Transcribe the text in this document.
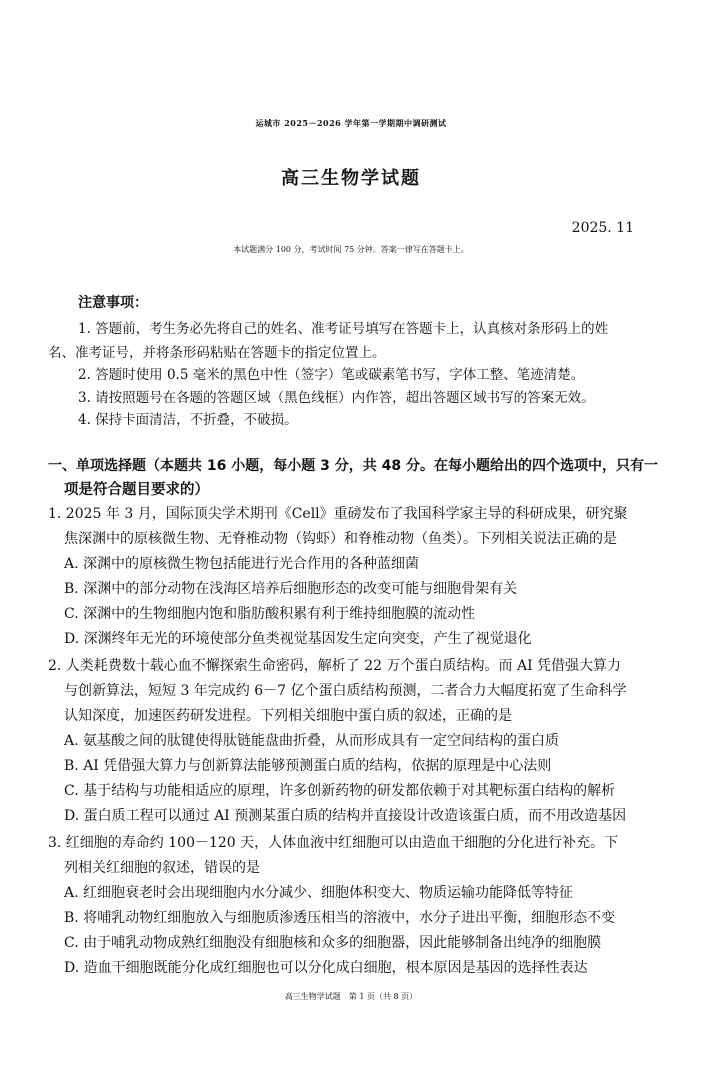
运城市 2025－2026 学年第一学期期中调研测试
高三生物学试题
2025. 11
本试题满分 100 分，考试时间 75 分钟。答案一律写在答题卡上。
注意事项：
1. 答题前，考生务必先将自己的姓名、准考证号填写在答题卡上，认真核对条形码上的姓
名、准考证号，并将条形码粘贴在答题卡的指定位置上。
2. 答题时使用 0.5 毫米的黑色中性（签字）笔或碳素笔书写，字体工整、笔迹清楚。
3. 请按照题号在各题的答题区域（黑色线框）内作答，超出答题区域书写的答案无效。
4. 保持卡面清洁，不折叠，不破损。
一、单项选择题（本题共 16 小题，每小题 3 分，共 48 分。在每小题给出的四个选项中，只有一
项是符合题目要求的）
1. 2025 年 3 月，国际顶尖学术期刊《Cell》重磅发布了我国科学家主导的科研成果，研究聚
焦深渊中的原核微生物、无脊椎动物（钩虾）和脊椎动物（鱼类）。下列相关说法正确的是
A. 深渊中的原核微生物包括能进行光合作用的各种蓝细菌
B. 深渊中的部分动物在浅海区培养后细胞形态的改变可能与细胞骨架有关
C. 深渊中的生物细胞内饱和脂肪酸积累有利于维持细胞膜的流动性
D. 深渊终年无光的环境使部分鱼类视觉基因发生定向突变，产生了视觉退化
2. 人类耗费数十载心血不懈探索生命密码，解析了 22 万个蛋白质结构。而 AI 凭借强大算力
与创新算法，短短 3 年完成约 6－7 亿个蛋白质结构预测，二者合力大幅度拓宽了生命科学
认知深度，加速医药研发进程。下列相关细胞中蛋白质的叙述，正确的是
A. 氨基酸之间的肽键使得肽链能盘曲折叠，从而形成具有一定空间结构的蛋白质
B. AI 凭借强大算力与创新算法能够预测蛋白质的结构，依据的原理是中心法则
C. 基于结构与功能相适应的原理，许多创新药物的研发都依赖于对其靶标蛋白结构的解析
D. 蛋白质工程可以通过 AI 预测某蛋白质的结构并直接设计改造该蛋白质，而不用改造基因
3. 红细胞的寿命约 100－120 天，人体血液中红细胞可以由造血干细胞的分化进行补充。下
列相关红细胞的叙述，错误的是
A. 红细胞衰老时会出现细胞内水分减少、细胞体积变大、物质运输功能降低等特征
B. 将哺乳动物红细胞放入与细胞质渗透压相当的溶液中，水分子进出平衡，细胞形态不变
C. 由于哺乳动物成熟红细胞没有细胞核和众多的细胞器，因此能够制备出纯净的细胞膜
D. 造血干细胞既能分化成红细胞也可以分化成白细胞，根本原因是基因的选择性表达
高三生物学试题　第 1 页（共 8 页）
